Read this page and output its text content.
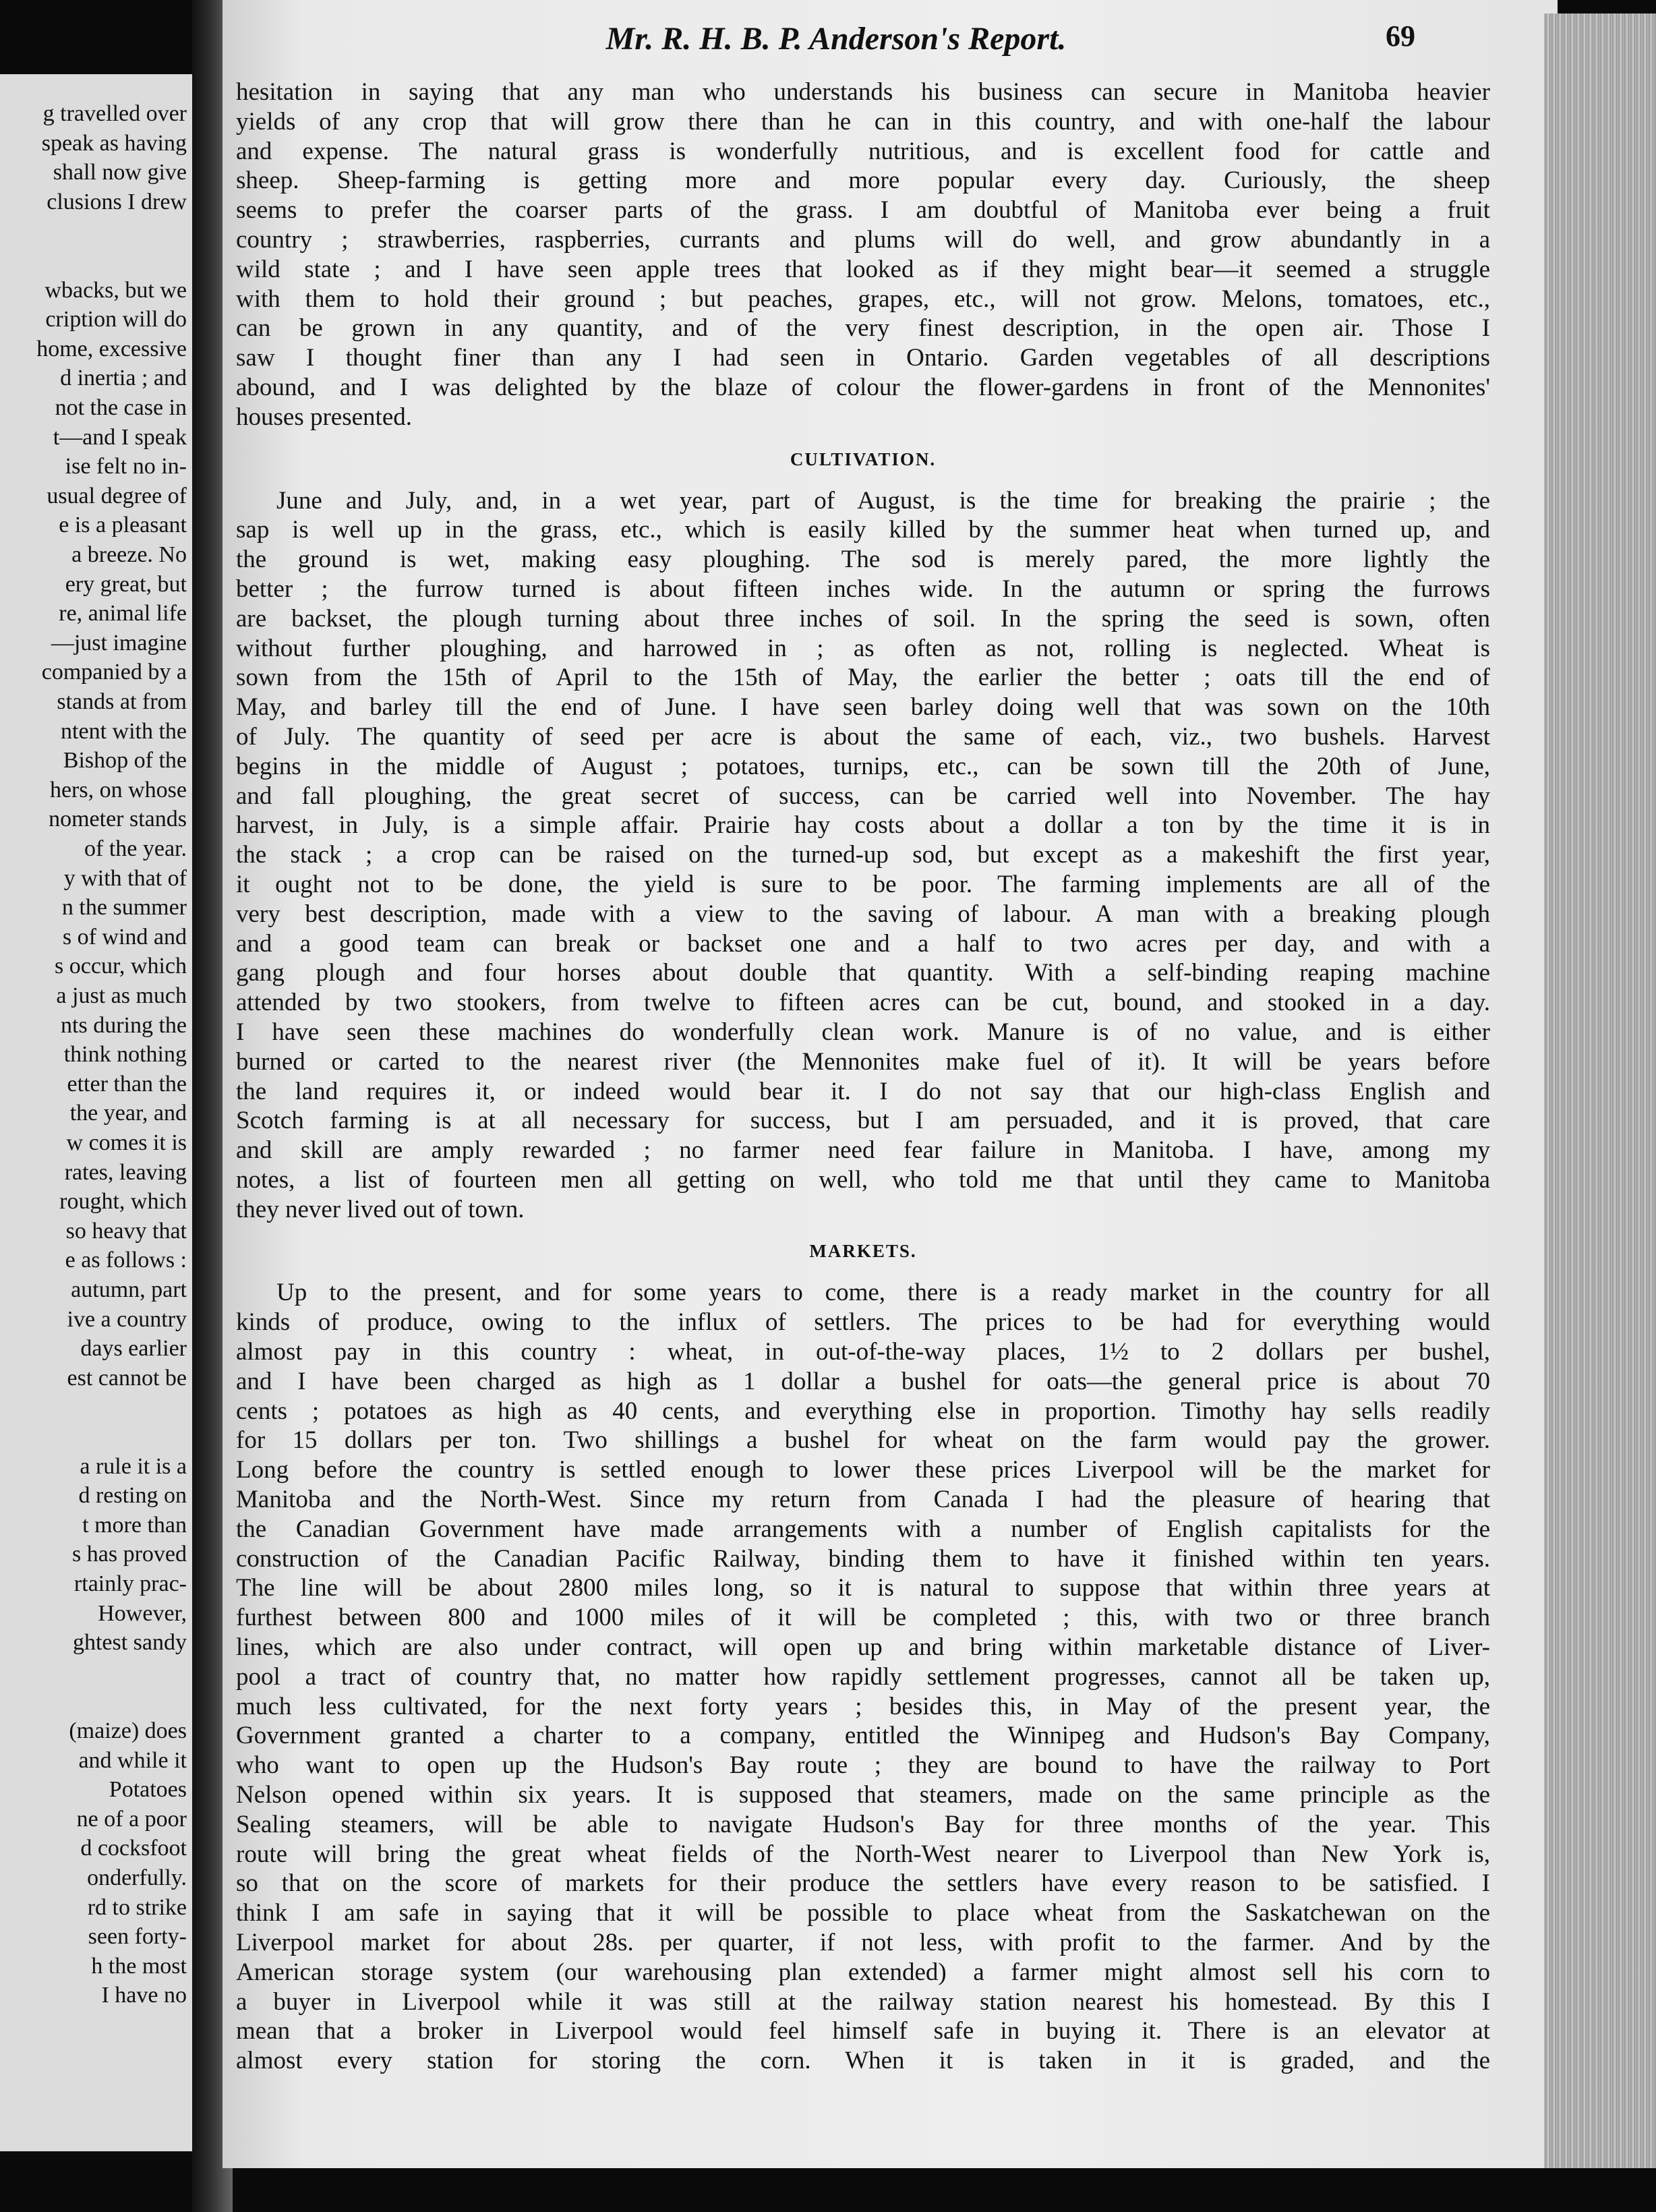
g travelled over
speak as having
shall now give
clusions I drew
wbacks, but we
cription will do
home, excessive
d inertia ; and
not the case in
t—and I speak
ise felt no in-
usual degree of
e is a pleasant
a breeze. No
ery great, but
re, animal life
—just imagine
companied by a
stands at from
ntent with the
Bishop of the
hers, on whose
nometer stands
of the year.
y with that of
n the summer
s of wind and
s occur, which
a just as much
nts during the
think nothing
etter than the
the year, and
w comes it is
rates, leaving
rought, which
so heavy that
e as follows :
autumn, part
ive a country
days earlier
est cannot be
a rule it is a
d resting on
t more than
s has proved
rtainly prac-
However,
ghtest sandy
(maize) does
and while it
Potatoes
ne of a poor
d cocksfoot
onderfully.
rd to strike
seen forty-
h the most
I have no
Mr. R. H. B. P. Anderson's Report.	69
hesitation in saying that any man who understands his business can secure in Manitoba heavier
yields of any crop that will grow there than he can in this country, and with one-half the labour
and expense. The natural grass is wonderfully nutritious, and is excellent food for cattle and
sheep. Sheep-farming is getting more and more popular every day. Curiously, the sheep
seems to prefer the coarser parts of the grass. I am doubtful of Manitoba ever being a fruit
country ; strawberries, raspberries, currants and plums will do well, and grow abundantly in a
wild state ; and I have seen apple trees that looked as if they might bear—it seemed a struggle
with them to hold their ground ; but peaches, grapes, etc., will not grow. Melons, tomatoes, etc.,
can be grown in any quantity, and of the very finest description, in the open air. Those I
saw I thought finer than any I had seen in Ontario. Garden vegetables of all descriptions
abound, and I was delighted by the blaze of colour the flower-gardens in front of the Mennonites'
houses presented.
CULTIVATION.
June and July, and, in a wet year, part of August, is the time for breaking the prairie ; the
sap is well up in the grass, etc., which is easily killed by the summer heat when turned up, and
the ground is wet, making easy ploughing. The sod is merely pared, the more lightly the
better ; the furrow turned is about fifteen inches wide. In the autumn or spring the furrows
are backset, the plough turning about three inches of soil. In the spring the seed is sown, often
without further ploughing, and harrowed in ; as often as not, rolling is neglected. Wheat is
sown from the 15th of April to the 15th of May, the earlier the better ; oats till the end of
May, and barley till the end of June. I have seen barley doing well that was sown on the 10th
of July. The quantity of seed per acre is about the same of each, viz., two bushels. Harvest
begins in the middle of August ; potatoes, turnips, etc., can be sown till the 20th of June,
and fall ploughing, the great secret of success, can be carried well into November. The hay
harvest, in July, is a simple affair. Prairie hay costs about a dollar a ton by the time it is in
the stack ; a crop can be raised on the turned-up sod, but except as a makeshift the first year,
it ought not to be done, the yield is sure to be poor. The farming implements are all of the
very best description, made with a view to the saving of labour. A man with a breaking plough
and a good team can break or backset one and a half to two acres per day, and with a
gang plough and four horses about double that quantity. With a self-binding reaping machine
attended by two stookers, from twelve to fifteen acres can be cut, bound, and stooked in a day.
I have seen these machines do wonderfully clean work. Manure is of no value, and is either
burned or carted to the nearest river (the Mennonites make fuel of it). It will be years before
the land requires it, or indeed would bear it. I do not say that our high-class English and
Scotch farming is at all necessary for success, but I am persuaded, and it is proved, that care
and skill are amply rewarded ; no farmer need fear failure in Manitoba. I have, among my
notes, a list of fourteen men all getting on well, who told me that until they came to Manitoba
they never lived out of town.
MARKETS.
Up to the present, and for some years to come, there is a ready market in the country for all
kinds of produce, owing to the influx of settlers. The prices to be had for everything would
almost pay in this country : wheat, in out-of-the-way places, 1½ to 2 dollars per bushel,
and I have been charged as high as 1 dollar a bushel for oats—the general price is about 70
cents ; potatoes as high as 40 cents, and everything else in proportion. Timothy hay sells readily
for 15 dollars per ton. Two shillings a bushel for wheat on the farm would pay the grower.
Long before the country is settled enough to lower these prices Liverpool will be the market for
Manitoba and the North-West. Since my return from Canada I had the pleasure of hearing that
the Canadian Government have made arrangements with a number of English capitalists for the
construction of the Canadian Pacific Railway, binding them to have it finished within ten years.
The line will be about 2800 miles long, so it is natural to suppose that within three years at
furthest between 800 and 1000 miles of it will be completed ; this, with two or three branch
lines, which are also under contract, will open up and bring within marketable distance of Liver-
pool a tract of country that, no matter how rapidly settlement progresses, cannot all be taken up,
much less cultivated, for the next forty years ; besides this, in May of the present year, the
Government granted a charter to a company, entitled the Winnipeg and Hudson's Bay Company,
who want to open up the Hudson's Bay route ; they are bound to have the railway to Port
Nelson opened within six years. It is supposed that steamers, made on the same principle as the
Sealing steamers, will be able to navigate Hudson's Bay for three months of the year. This
route will bring the great wheat fields of the North-West nearer to Liverpool than New York is,
so that on the score of markets for their produce the settlers have every reason to be satisfied. I
think I am safe in saying that it will be possible to place wheat from the Saskatchewan on the
Liverpool market for about 28s. per quarter, if not less, with profit to the farmer. And by the
American storage system (our warehousing plan extended) a farmer might almost sell his corn to
a buyer in Liverpool while it was still at the railway station nearest his homestead. By this I
mean that a broker in Liverpool would feel himself safe in buying it. There is an elevator at
almost every station for storing the corn. When it is taken in it is graded, and the
